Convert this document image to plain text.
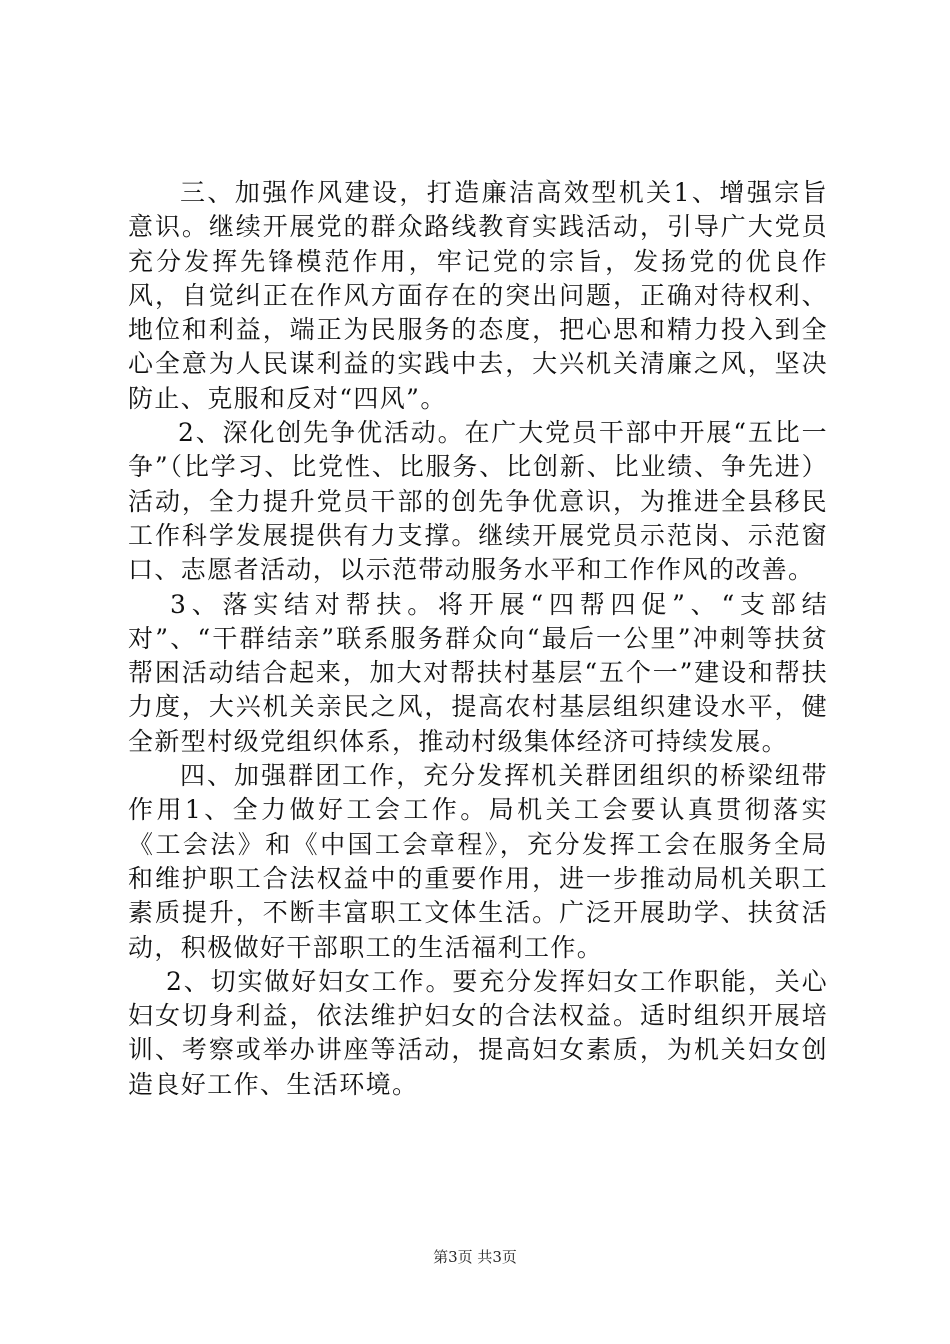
三、加强作风建设，打造廉洁高效型机关1、增强宗旨意识。继续开展党的群众路线教育实践活动，引导广大党员充分发挥先锋模范作用，牢记党的宗旨，发扬党的优良作风，自觉纠正在作风方面存在的突出问题，正确对待权利、地位和利益，端正为民服务的态度，把心思和精力投入到全心全意为人民谋利益的实践中去，大兴机关清廉之风，坚决防止、克服和反对“四风”。

2、深化创先争优活动。在广大党员干部中开展“五比一争”（比学习、比党性、比服务、比创新、比业绩、争先进）活动，全力提升党员干部的创先争优意识，为推进全县移民工作科学发展提供有力支撑。继续开展党员示范岗、示范窗口、志愿者活动，以示范带动服务水平和工作作风的改善。

3、落实结对帮扶。将开展“四帮四促”、“支部结对”、“干群结亲”联系服务群众向“最后一公里”冲刺等扶贫帮困活动结合起来，加大对帮扶村基层“五个一”建设和帮扶力度，大兴机关亲民之风，提高农村基层组织建设水平，健全新型村级党组织体系，推动村级集体经济可持续发展。

四、加强群团工作，充分发挥机关群团组织的桥梁纽带作用1、全力做好工会工作。局机关工会要认真贯彻落实《工会法》和《中国工会章程》，充分发挥工会在服务全局和维护职工合法权益中的重要作用，进一步推动局机关职工素质提升，不断丰富职工文体生活。广泛开展助学、扶贫活动，积极做好干部职工的生活福利工作。

2、切实做好妇女工作。要充分发挥妇女工作职能，关心妇女切身利益，依法维护妇女的合法权益。适时组织开展培训、考察或举办讲座等活动，提高妇女素质，为机关妇女创造良好工作、生活环境。

第3页 共3页
